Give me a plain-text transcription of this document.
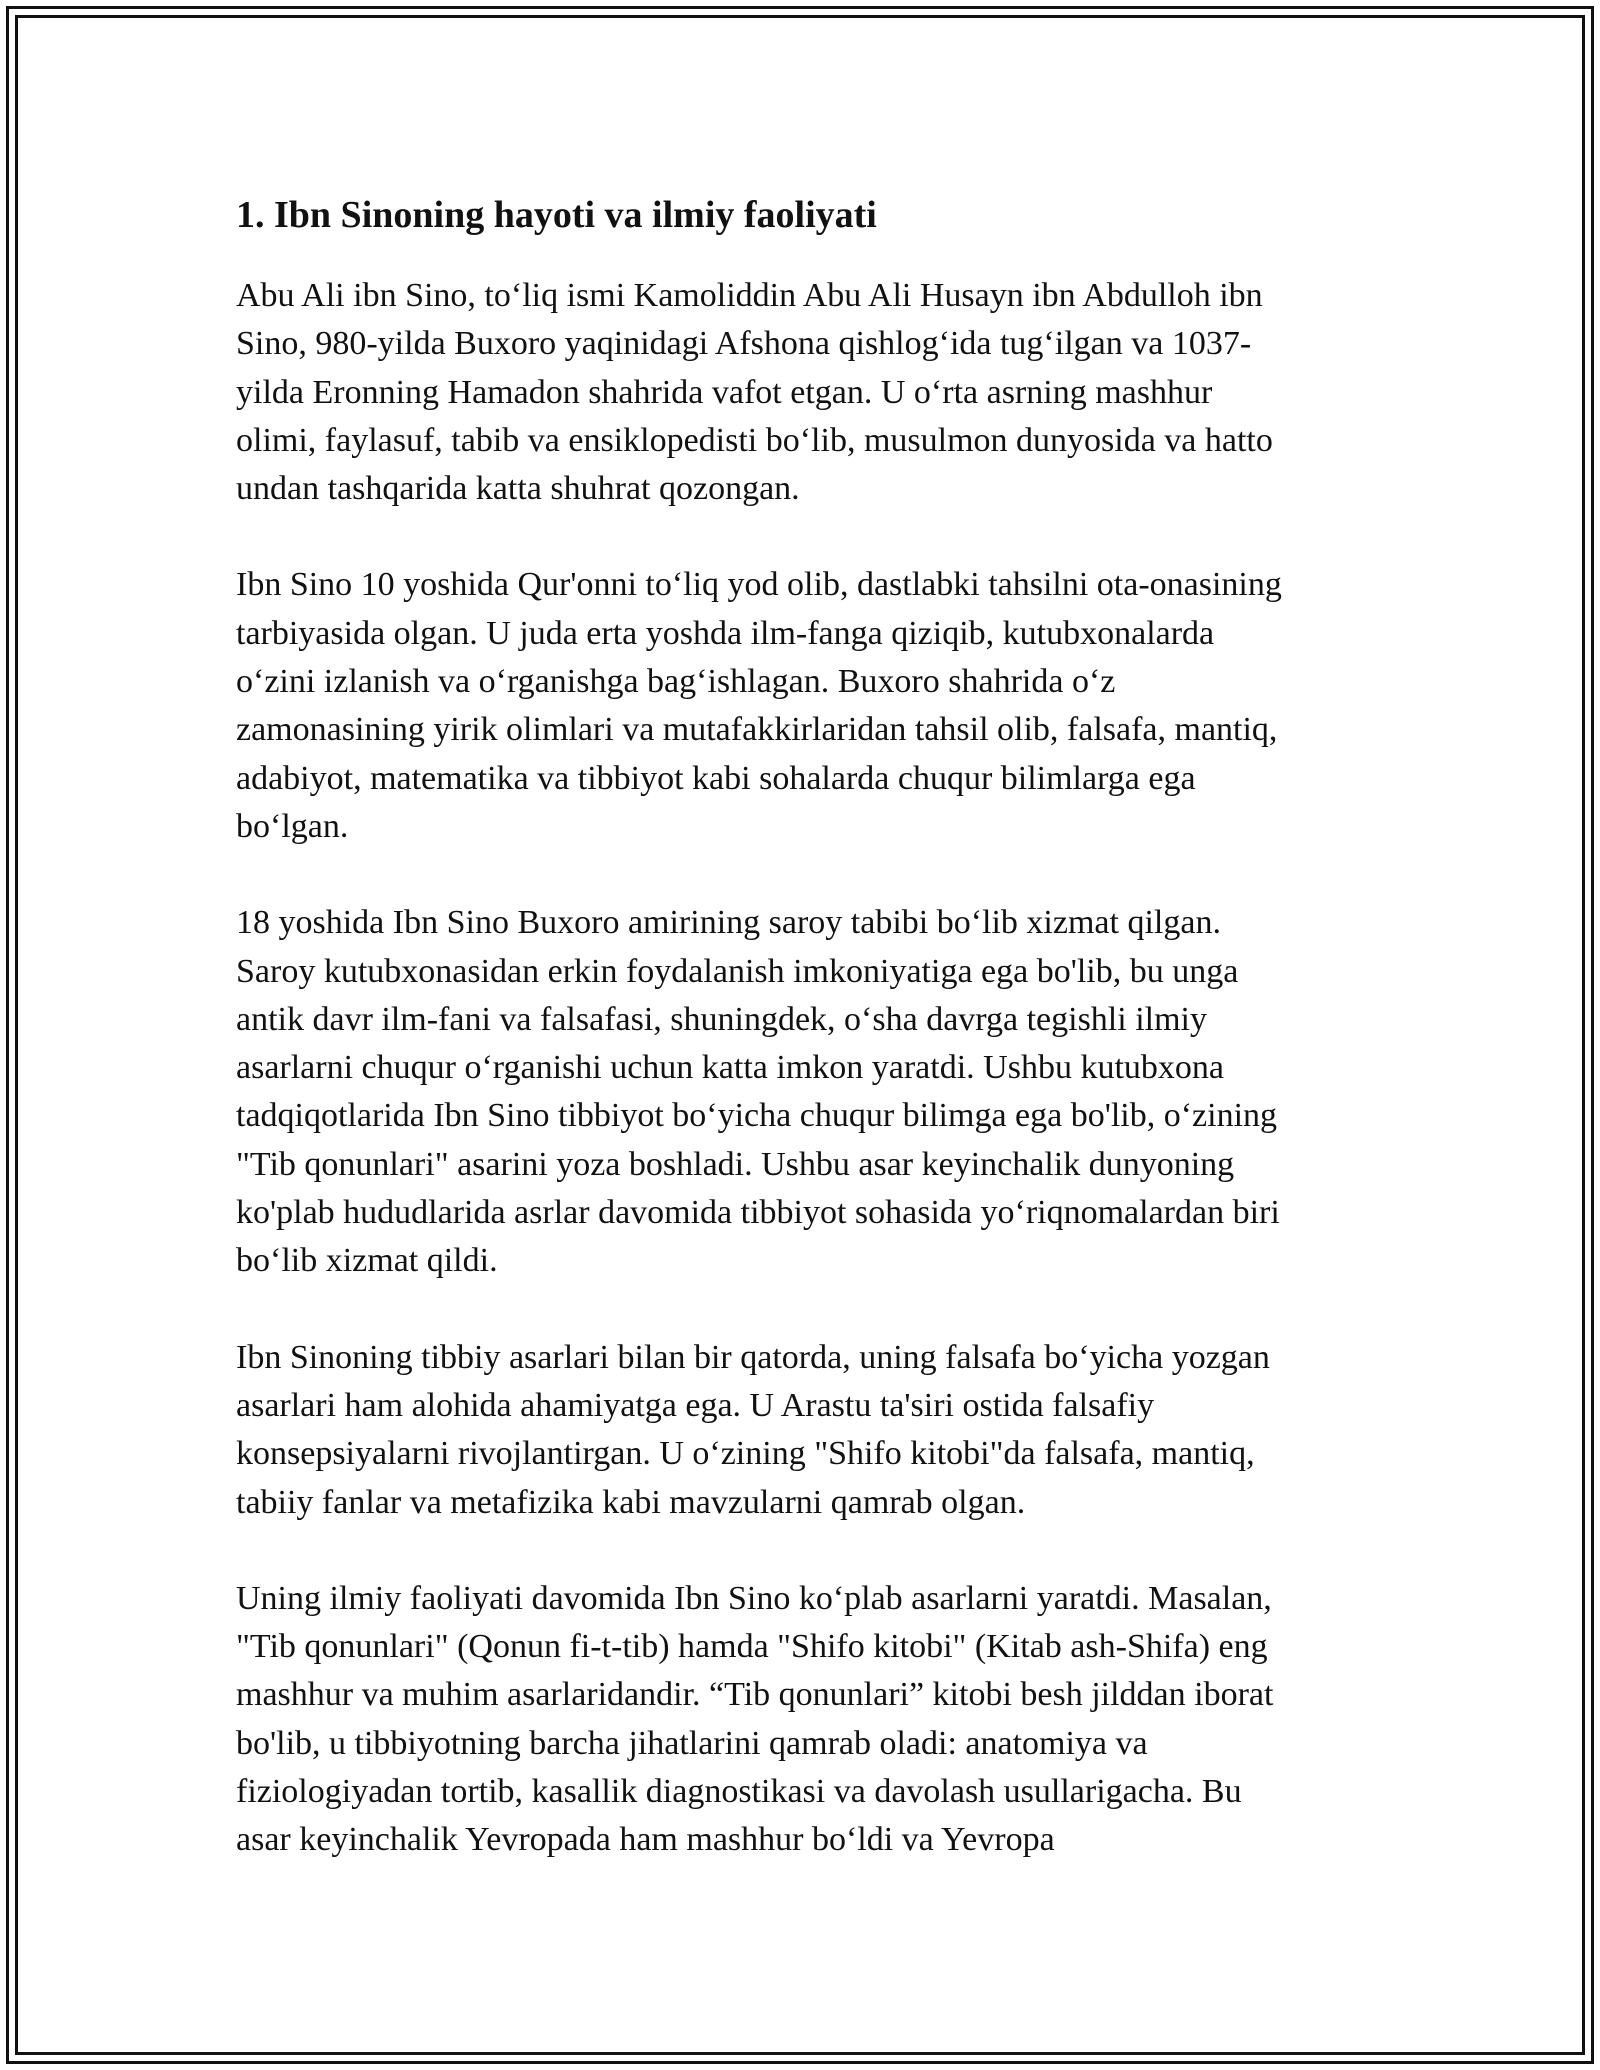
1. Ibn Sinoning hayoti va ilmiy faoliyati

Abu Ali ibn Sino, to‘liq ismi Kamoliddin Abu Ali Husayn ibn Abdulloh ibn
Sino, 980-yilda Buxoro yaqinidagi Afshona qishlog‘ida tug‘ilgan va 1037-
yilda Eronning Hamadon shahrida vafot etgan. U o‘rta asrning mashhur
olimi, faylasuf, tabib va ensiklopedisti bo‘lib, musulmon dunyosida va hatto
undan tashqarida katta shuhrat qozongan.

Ibn Sino 10 yoshida Qur'onni to‘liq yod olib, dastlabki tahsilni ota-onasining
tarbiyasida olgan. U juda erta yoshda ilm-fanga qiziqib, kutubxonalarda
o‘zini izlanish va o‘rganishga bag‘ishlagan. Buxoro shahrida o‘z
zamonasining yirik olimlari va mutafakkirlaridan tahsil olib, falsafa, mantiq,
adabiyot, matematika va tibbiyot kabi sohalarda chuqur bilimlarga ega
bo‘lgan.

18 yoshida Ibn Sino Buxoro amirining saroy tabibi bo‘lib xizmat qilgan.
Saroy kutubxonasidan erkin foydalanish imkoniyatiga ega bo'lib, bu unga
antik davr ilm-fani va falsafasi, shuningdek, o‘sha davrga tegishli ilmiy
asarlarni chuqur o‘rganishi uchun katta imkon yaratdi. Ushbu kutubxona
tadqiqotlarida Ibn Sino tibbiyot bo‘yicha chuqur bilimga ega bo'lib, o‘zining
"Tib qonunlari" asarini yoza boshladi. Ushbu asar keyinchalik dunyoning
ko'plab hududlarida asrlar davomida tibbiyot sohasida yo‘riqnomalardan biri
bo‘lib xizmat qildi.

Ibn Sinoning tibbiy asarlari bilan bir qatorda, uning falsafa bo‘yicha yozgan
asarlari ham alohida ahamiyatga ega. U Arastu ta'siri ostida falsafiy
konsepsiyalarni rivojlantirgan. U o‘zining "Shifo kitobi"da falsafa, mantiq,
tabiiy fanlar va metafizika kabi mavzularni qamrab olgan.

Uning ilmiy faoliyati davomida Ibn Sino ko‘plab asarlarni yaratdi. Masalan,
"Tib qonunlari" (Qonun fi-t-tib) hamda "Shifo kitobi" (Kitab ash-Shifa) eng
mashhur va muhim asarlaridandir. “Tib qonunlari” kitobi besh jilddan iborat
bo'lib, u tibbiyotning barcha jihatlarini qamrab oladi: anatomiya va
fiziologiyadan tortib, kasallik diagnostikasi va davolash usullarigacha. Bu
asar keyinchalik Yevropada ham mashhur bo‘ldi va Yevropa
